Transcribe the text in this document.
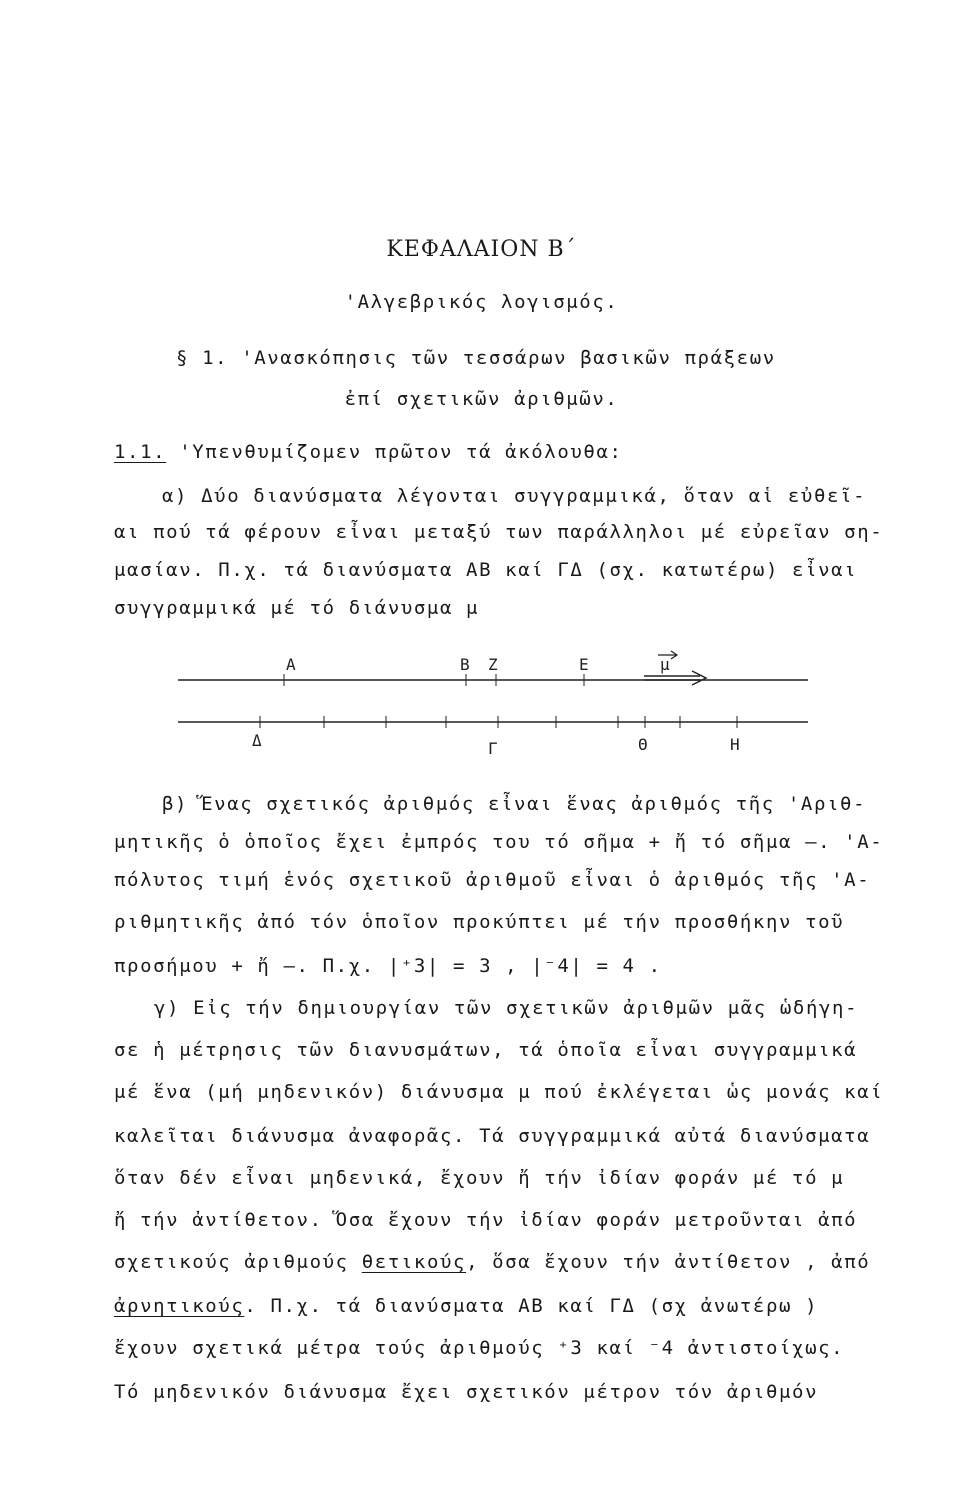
ΚΕΦΑΛΑΙΟΝ Β΄
'Αλγεβρικός λογισμός.
§ 1. 'Ανασκόπησις τῶν τεσσάρων βασικῶν πράξεων
ἐπί σχετικῶν ἀριθμῶν.
1.1. 'Υπενθυμίζομεν πρῶτον τά ἀκόλουθα:
α) Δύο διανύσματα λέγονται συγγραμμικά, ὅταν αἱ εὐθεῖ-
αι πού τά φέρουν εἶναι μεταξύ των παράλληλοι μέ εὐρεῖαν ση-
μασίαν. Π.χ. τά διανύσματα AB καί ΓΔ (σχ. κατωτέρω) εἶναι
συγγραμμικά μέ τό διάνυσμα μ
Α	Β Ζ	Ε	μ
Δ	Γ	Θ	Η
β) Ἕνας σχετικός ἀριθμός εἶναι ἕνας ἀριθμός τῆς 'Αριθ-
μητικῆς ὁ ὁποῖος ἔχει ἐμπρός του τό σῆμα + ἤ τό σῆμα –. 'Α-
πόλυτος τιμή ἑνός σχετικοῦ ἀριθμοῦ εἶναι ὁ ἀριθμός τῆς 'Α-
ριθμητικῆς ἀπό τόν ὁποῖον προκύπτει μέ τήν προσθήκην τοῦ
προσήμου + ἤ –. Π.χ. |⁺3| = 3 , |⁻4| = 4 .
γ) Εἰς τήν δημιουργίαν τῶν σχετικῶν ἀριθμῶν μᾶς ὡδήγη-
σε ἡ μέτρησις τῶν διανυσμάτων, τά ὁποῖα εἶναι συγγραμμικά
μέ ἕνα (μή μηδενικόν) διάνυσμα μ πού ἐκλέγεται ὡς μονάς καί
καλεῖται διάνυσμα ἀναφορᾶς. Τά συγγραμμικά αὐτά διανύσματα
ὅταν δέν εἶναι μηδενικά, ἔχουν ἤ τήν ἰδίαν φοράν μέ τό μ
ἤ τήν ἀντίθετον. Ὅσα ἔχουν τήν ἰδίαν φοράν μετροῦνται ἀπό
σχετικούς ἀριθμούς θετικούς, ὅσα ἔχουν τήν ἀντίθετον , ἀπό
ἀρνητικούς. Π.χ. τά διανύσματα AB καί ΓΔ (σχ ἀνωτέρω )
ἔχουν σχετικά μέτρα τούς ἀριθμούς ⁺3 καί ⁻4 ἀντιστοίχως.
Τό μηδενικόν διάνυσμα ἔχει σχετικόν μέτρον τόν ἀριθμόν
